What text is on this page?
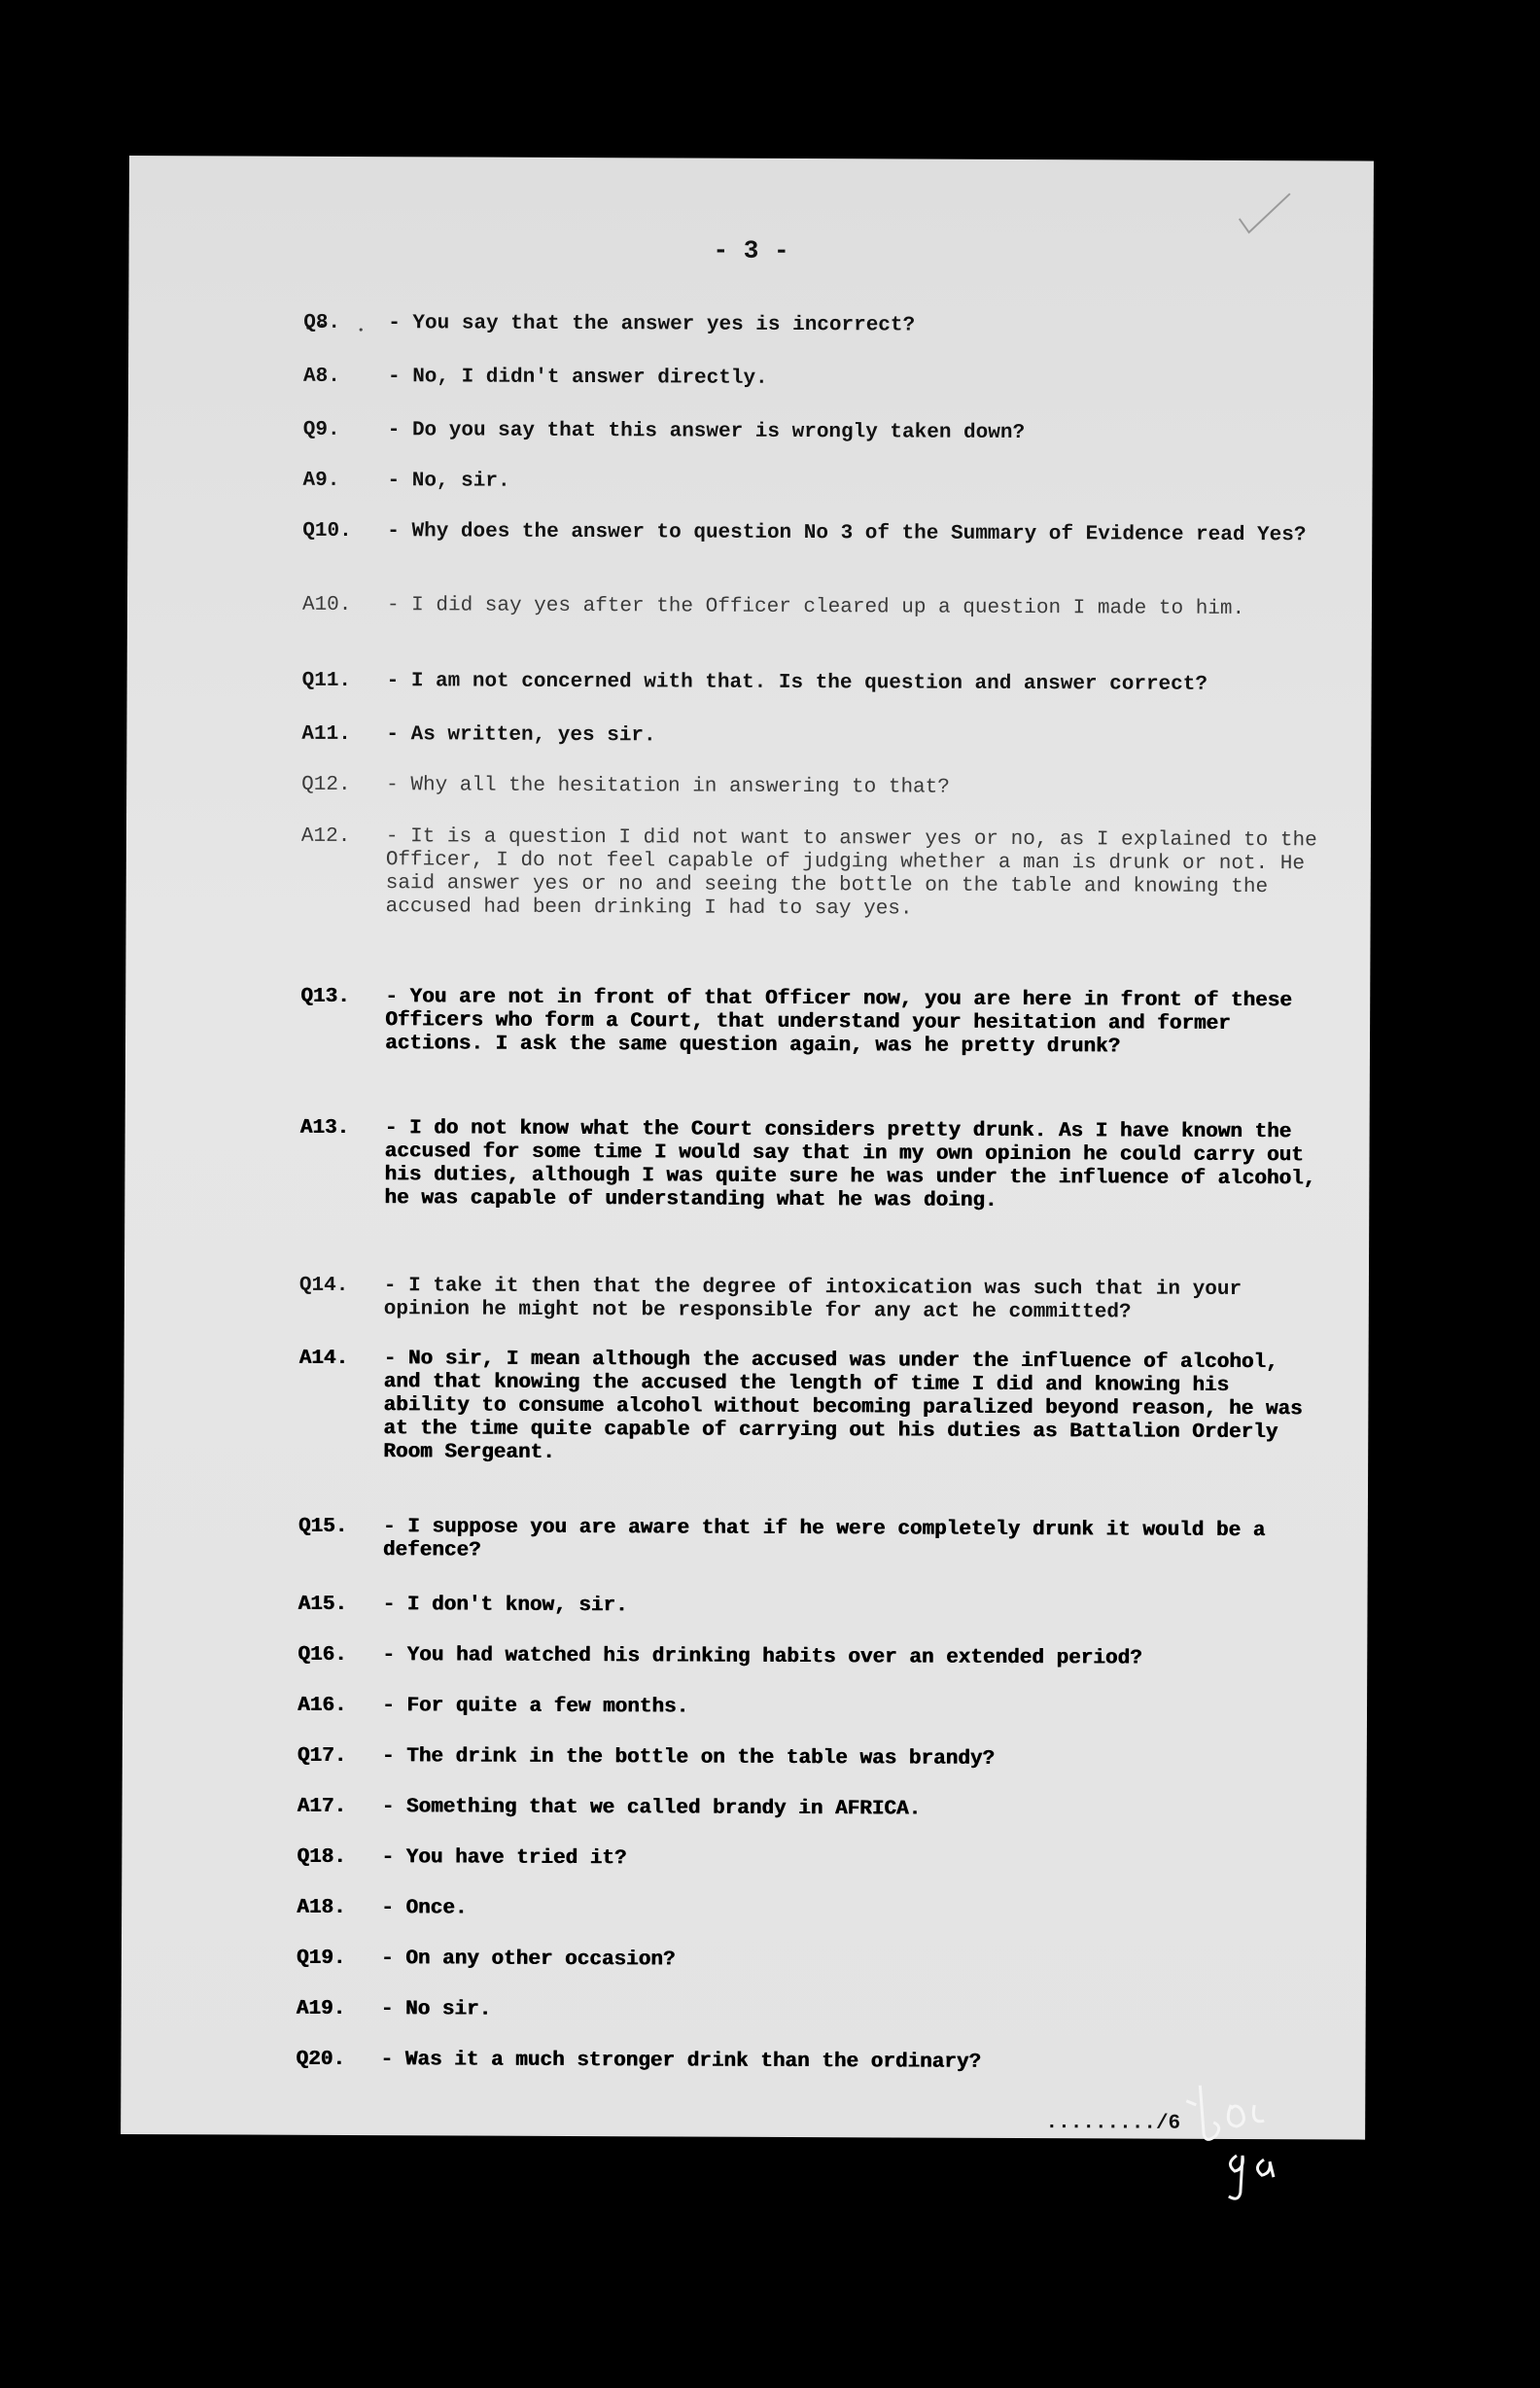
- 3 -
Q8.	- You say that the answer yes is incorrect?
A8.	- No, I didn't answer directly.
Q9.	- Do you say that this answer is wrongly taken down?
A9.	- No, sir.
Q10.	- Why does the answer to question No 3 of the Summary of Evidence read Yes?
A10.	- I did say yes after the Officer cleared up a question I made to him.
Q11.	- I am not concerned with that. Is the question and answer correct?
A11.	- As written, yes sir.
Q12.	- Why all the hesitation in answering to that?
A12.	- It is a question I did not want to answer yes or no, as I explained to the Officer, I do not feel capable of judging whether a man is drunk or not. He said answer yes or no and seeing the bottle on the table and knowing the accused had been drinking I had to say yes.
Q13.	- You are not in front of that Officer now, you are here in front of these Officers who form a Court, that understand your hesitation and former actions. I ask the same question again, was he pretty drunk?
A13.	- I do not know what the Court considers pretty drunk. As I have known the accused for some time I would say that in my own opinion he could carry out his duties, although I was quite sure he was under the influence of alcohol, he was capable of understanding what he was doing.
Q14.	- I take it then that the degree of intoxication was such that in your opinion he might not be responsible for any act he committed?
A14.	- No sir, I mean although the accused was under the influence of alcohol, and that knowing the accused the length of time I did and knowing his ability to consume alcohol without becoming paralized beyond reason, he was at the time quite capable of carrying out his duties as Battalion Orderly Room Sergeant.
Q15.	- I suppose you are aware that if he were completely drunk it would be a defence?
A15.	- I don't know, sir.
Q16.	- You had watched his drinking habits over an extended period?
A16.	- For quite a few months.
Q17.	- The drink in the bottle on the table was brandy?
A17.	- Something that we called brandy in AFRICA.
Q18.	- You have tried it?
A18.	- Once.
Q19.	- On any other occasion?
A19.	- No sir.
Q20.	- Was it a much stronger drink than the ordinary?
........./6
